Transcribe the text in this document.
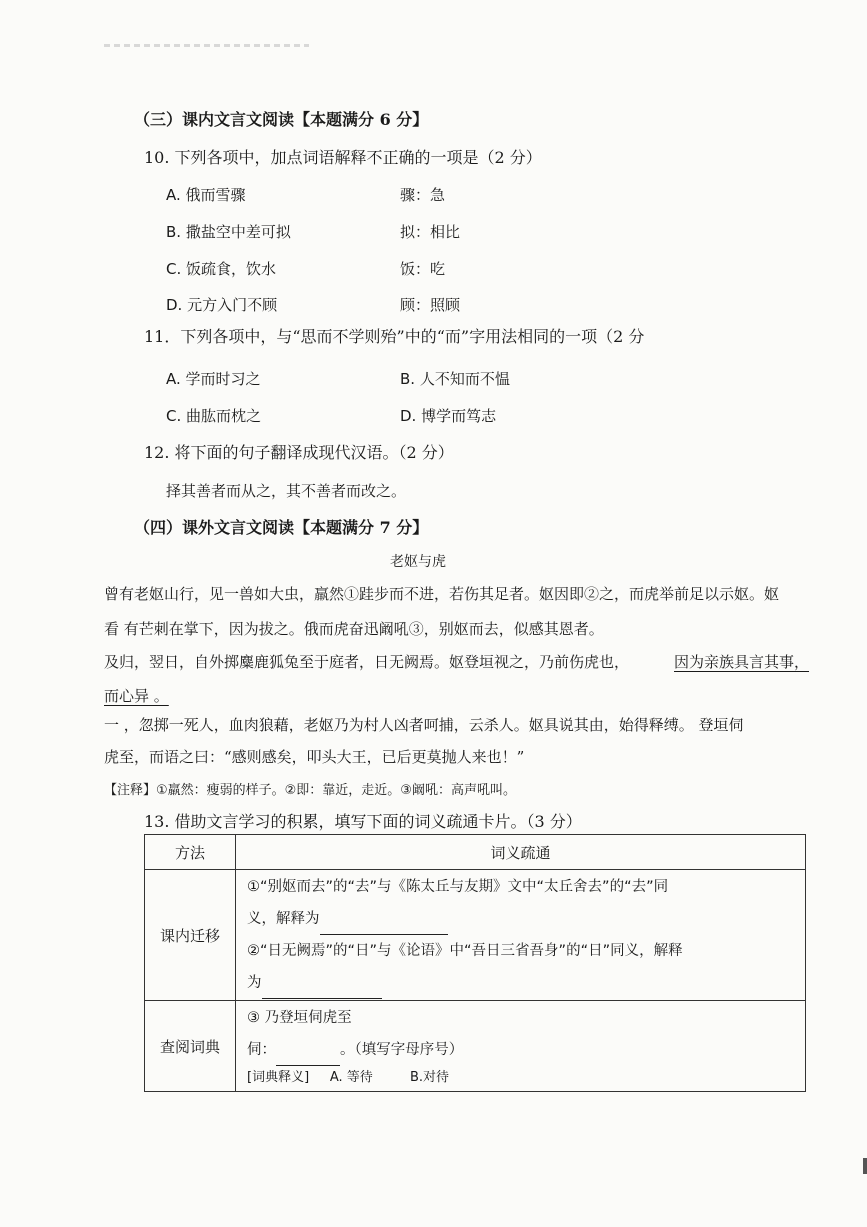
（三）课内文言文阅读【本题满分 6 分】
10. 下列各项中，加点词语解释不正确的一项是（2 分）
A. 俄而雪骤	骤：急
B. 撒盐空中差可拟	拟：相比
C. 饭疏食，饮水	饭：吃
D. 元方入门不顾	顾：照顾
11．下列各项中，与“思而不学则殆”中的“而”字用法相同的一项（2 分
A. 学而时习之	B. 人不知而不愠
C. 曲肱而枕之	D. 博学而笃志
12. 将下面的句子翻译成现代汉语。（2 分）
择其善者而从之，其不善者而改之。
（四）课外文言文阅读【本题满分 7 分】
老妪与虎
曾有老妪山行，见一兽如大虫，羸然①跬步而不进，若伤其足者。妪因即②之，而虎举前足以示妪。妪
看 有芒刺在掌下，因为拔之。俄而虎奋迅阚吼③，别妪而去，似感其恩者。
及归，翌日，自外掷麋鹿狐兔至于庭者，日无阙焉。妪登垣视之，乃前伤虎也，	因为亲族具言其事，
而心异 。
一 ，忽掷一死人，血肉狼藉，老妪乃为村人凶者呵捕，云杀人。妪具说其由，始得释缚。 登垣伺
虎至，而语之曰：“感则感矣，叩头大王，已后更莫抛人来也！”
【注释】①羸然：瘦弱的样子。②即：靠近，走近。③阚吼：高声吼叫。
13. 借助文言学习的积累，填写下面的词义疏通卡片。（3 分）
方法	词义疏通
课内迁移	①“别妪而去”的“去”与《陈太丘与友期》文中“太丘舍去”的“去”同
义，解释为
②“日无阙焉”的“日”与《论语》中“吾日三省吾身”的“日”同义，解释
为

查阅词典	③ 乃登垣伺虎至
伺： 。（填写字母序号）
[词典释义] A. 等待 B.对待
